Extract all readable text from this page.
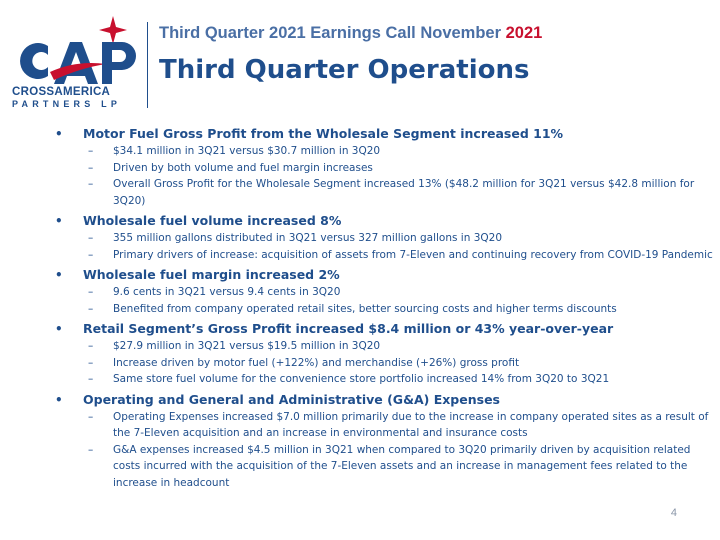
CROSSAMERICA
PARTNERS LP
Third Quarter 2021 Earnings Call November 2021
Third Quarter Operations
• Motor Fuel Gross Profit from the Wholesale Segment increased 11%
– $34.1 million in 3Q21 versus $30.7 million in 3Q20
– Driven by both volume and fuel margin increases
– Overall Gross Profit for the Wholesale Segment increased 13% ($48.2 million for 3Q21 versus $42.8 million for 3Q20)
• Wholesale fuel volume increased 8%
– 355 million gallons distributed in 3Q21 versus 327 million gallons in 3Q20
– Primary drivers of increase: acquisition of assets from 7-Eleven and continuing recovery from COVID-19 Pandemic
• Wholesale fuel margin increased 2%
– 9.6 cents in 3Q21 versus 9.4 cents in 3Q20
– Benefited from company operated retail sites, better sourcing costs and higher terms discounts
• Retail Segment’s Gross Profit increased $8.4 million or 43% year-over-year
– $27.9 million in 3Q21 versus $19.5 million in 3Q20
– Increase driven by motor fuel (+122%) and merchandise (+26%) gross profit
– Same store fuel volume for the convenience store portfolio increased 14% from 3Q20 to 3Q21
• Operating and General and Administrative (G&A) Expenses
– Operating Expenses increased $7.0 million primarily due to the increase in company operated sites as a result of the 7-Eleven acquisition and an increase in environmental and insurance costs
– G&A expenses increased $4.5 million in 3Q21 when compared to 3Q20 primarily driven by acquisition related costs incurred with the acquisition of the 7-Eleven assets and an increase in management fees related to the increase in headcount
4
